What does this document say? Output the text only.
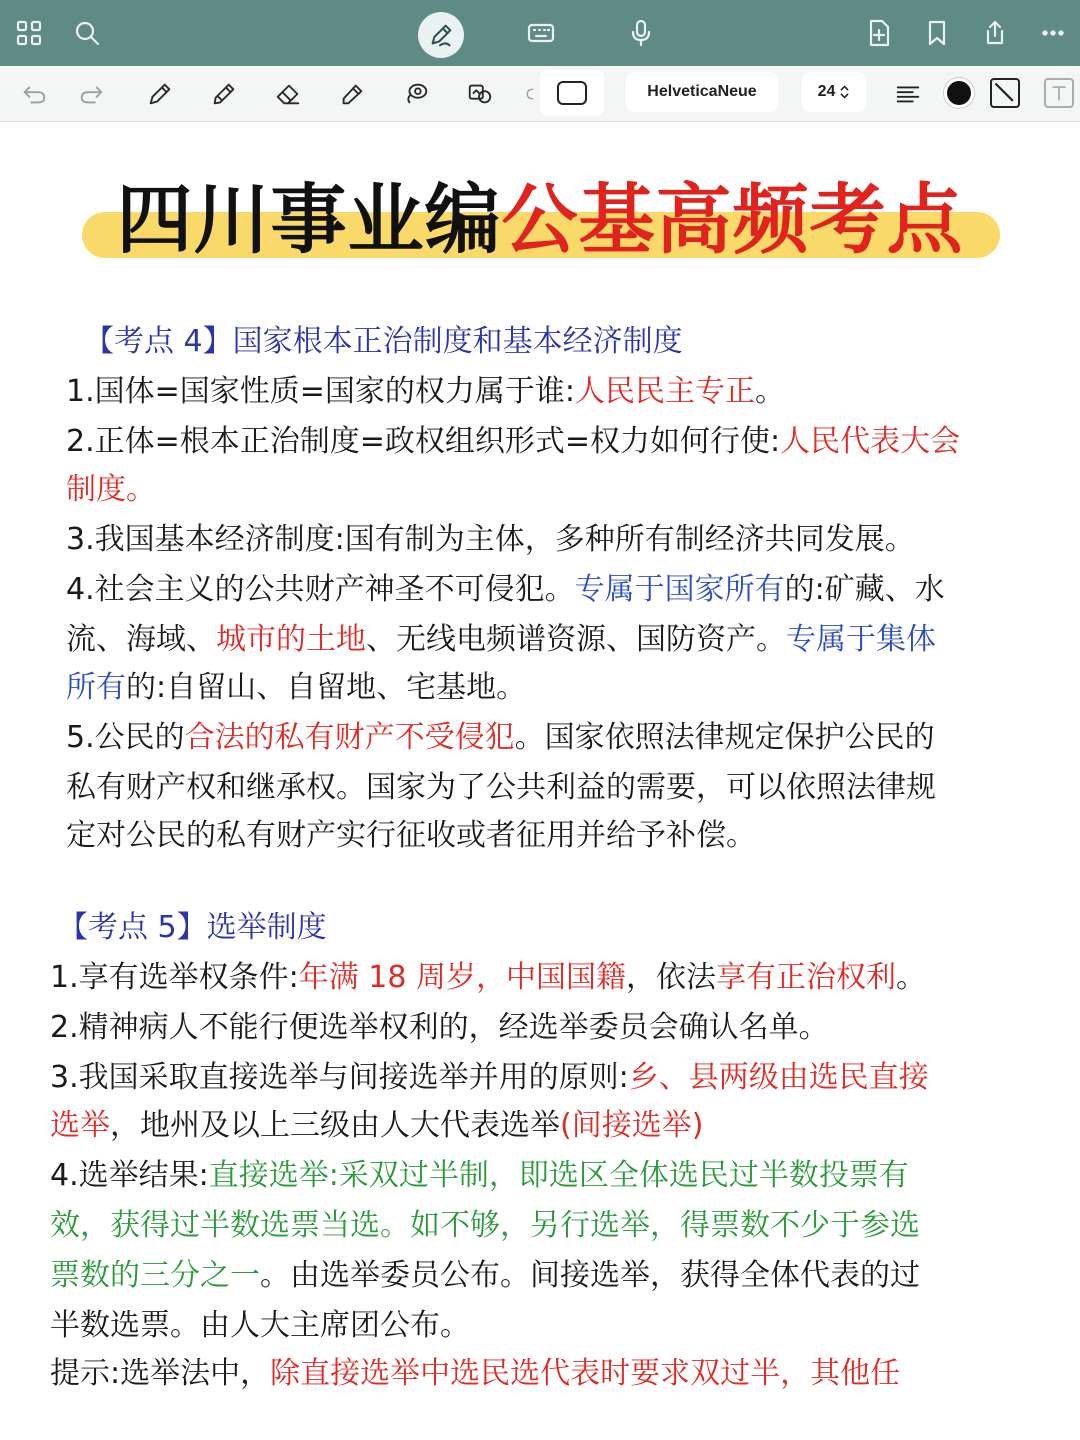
HelveticaNeue	24
四川事业编公基高频考点
【考点 4】国家根本正治制度和基本经济制度
1.国体=国家性质=国家的权力属于谁:人民民主专正。
2.正体=根本正治制度=政权组织形式=权力如何行使:人民代表大会
制度。
3.我国基本经济制度:国有制为主体，多种所有制经济共同发展。
4.社会主义的公共财产神圣不可侵犯。专属于国家所有的:矿藏、水
流、海域、城市的土地、无线电频谱资源、国防资产。专属于集体
所有的:自留山、自留地、宅基地。
5.公民的合法的私有财产不受侵犯。国家依照法律规定保护公民的
私有财产权和继承权。国家为了公共利益的需要，可以依照法律规
定对公民的私有财产实行征收或者征用并给予补偿。
【考点 5】选举制度
1.享有选举权条件:年满 18 周岁，中国国籍，依法享有正治权利。
2.精神病人不能行便选举权利的，经选举委员会确认名单。
3.我国采取直接选举与间接选举并用的原则:乡、县两级由选民直接
选举，地州及以上三级由人大代表选举(间接选举)
4.选举结果:直接选举:采双过半制，即选区全体选民过半数投票有
效，获得过半数选票当选。如不够，另行选举，得票数不少于参选
票数的三分之一。由选举委员公布。间接选举，获得全体代表的过
半数选票。由人大主席团公布。
提示:选举法中，除直接选举中选民选代表时要求双过半，其他任
